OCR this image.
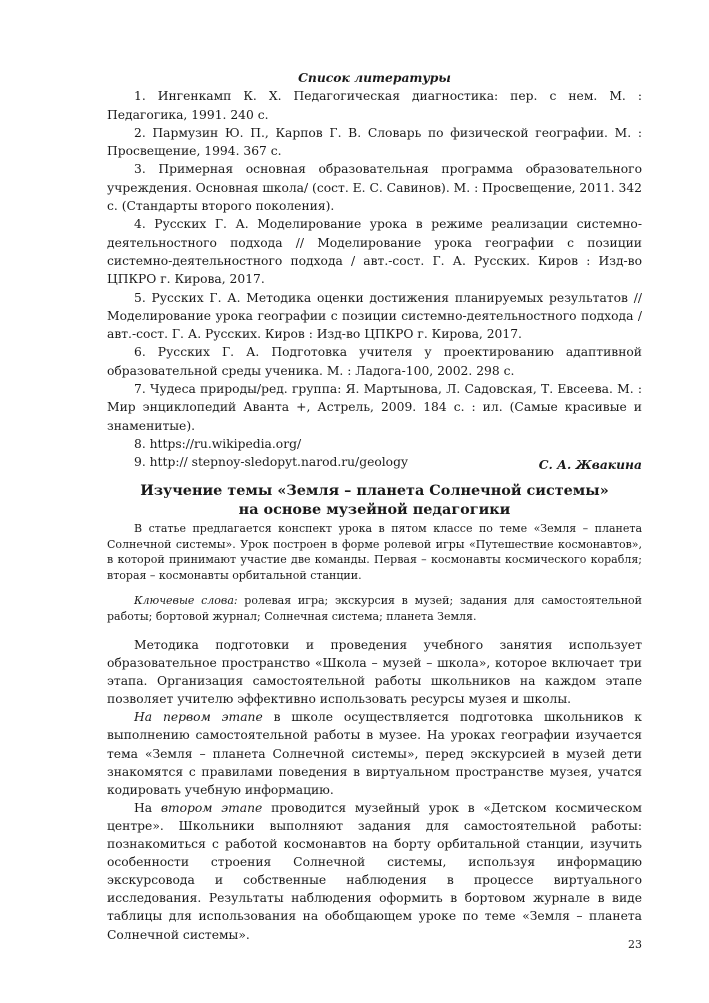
Список литературы

1. Ингенкамп К. Х. Педагогическая диагностика: пер. с нем. М. : Педагогика, 1991. 240 с.

2. Пармузин Ю. П., Карпов Г. В. Словарь по физической географии. М. : Просвещение, 1994. 367 с.

3. Примерная основная образовательная программа образовательного учреждения. Основная школа/ (сост. Е. С. Савинов). М. : Просвещение, 2011. 342 с. (Стандарты второго поколения).

4. Русских Г. А. Моделирование урока в режиме реализации системно-деятельностного подхода // Моделирование урока географии с позиции системно-деятельностного подхода / авт.-сост. Г. А. Русских. Киров : Изд-во ЦПКРО г. Кирова, 2017.

5. Русских Г. А. Методика оценки достижения планируемых результатов // Моделирование урока географии с позиции системно-деятельностного подхода / авт.-сост. Г. А. Русских. Киров : Изд-во ЦПКРО г. Кирова, 2017.

6. Русских Г. А. Подготовка учителя у проектированию адаптивной образовательной среды ученика. М. : Ладога-100, 2002. 298 с.

7. Чудеса природы/ред. группа: Я. Мартынова, Л. Садовская, Т. Евсеева. М. : Мир энциклопедий Аванта +, Астрель, 2009. 184 с. : ил. (Самые красивые и знаменитые).

8. https://ru.wikipedia.org/

9. http:// stepnoy-sledopyt.narod.ru/geology	С. А. Жвакина
Изучение темы «Земля – планета Солнечной системы»
на основе музейной педагогики

В статье предлагается конспект урока в пятом классе по теме «Земля – планета Солнечной системы». Урок построен в форме ролевой игры «Путешествие космонавтов», в которой принимают участие две команды. Первая – космонавты космического корабля; вторая – космонавты орбитальной станции.

Ключевые слова: ролевая игра; экскурсия в музей; задания для самостоятельной работы; бортовой журнал; Солнечная система; планета Земля.

Методика подготовки и проведения учебного занятия использует образовательное пространство «Школа – музей – школа», которое включает три этапа. Организация самостоятельной работы школьников на каждом этапе позволяет учителю эффективно использовать ресурсы музея и школы.

На первом этапе в школе осуществляется подготовка школьников к выполнению самостоятельной работы в музее. На уроках географии изучается тема «Земля – планета Солнечной системы», перед экскурсией в музей дети знакомятся с правилами поведения в виртуальном пространстве музея, учатся кодировать учебную информацию.

На втором этапе проводится музейный урок в «Детском космическом центре». Школьники выполняют задания для самостоятельной работы: познакомиться с работой космонавтов на борту орбитальной станции, изучить особенности строения Солнечной системы, используя информацию экскурсовода и собственные наблюдения в процессе виртуального исследования. Результаты наблюдения оформить в бортовом журнале в виде таблицы для использования на обобщающем уроке по теме «Земля – планета Солнечной системы».

23
